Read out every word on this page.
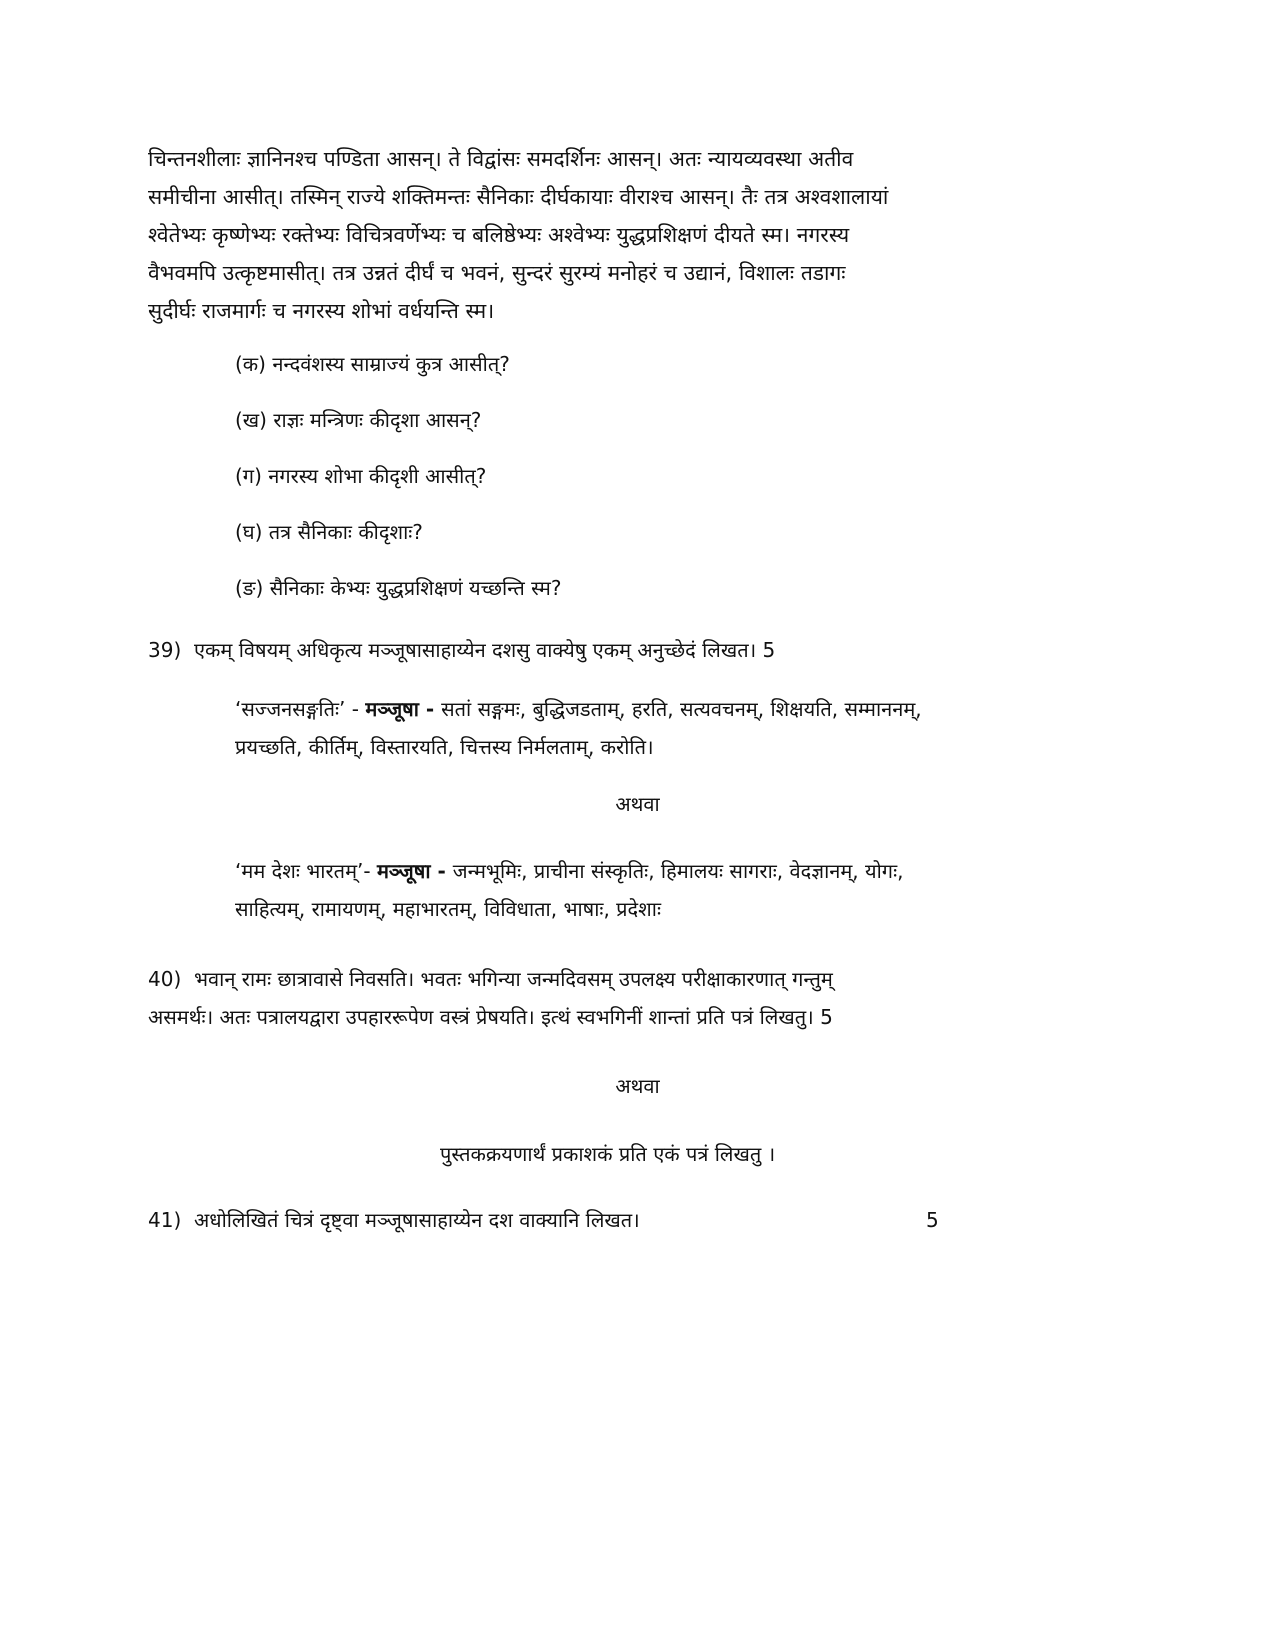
चिन्तनशीलाः ज्ञानिनश्च पण्डिता आसन्। ते विद्वांसः समदर्शिनः आसन्। अतः न्यायव्यवस्था अतीव
समीचीना आसीत्। तस्मिन् राज्ये शक्तिमन्तः सैनिकाः दीर्घकायाः वीराश्च आसन्। तैः तत्र अश्वशालायां
श्वेतेभ्यः कृष्णेभ्यः रक्तेभ्यः विचित्रवर्णेभ्यः च बलिष्ठेभ्यः अश्वेभ्यः युद्धप्रशिक्षणं दीयते स्म। नगरस्य
वैभवमपि उत्कृष्टमासीत्। तत्र उन्नतं दीर्घं च भवनं, सुन्दरं सुरम्यं मनोहरं च उद्यानं, विशालः तडागः
सुदीर्घः राजमार्गः च नगरस्य शोभां वर्धयन्ति स्म।
(क) नन्दवंशस्य साम्राज्यं कुत्र आसीत्?
(ख) राज्ञः मन्त्रिणः कीदृशा आसन्?
(ग) नगरस्य शोभा कीदृशी आसीत्?
(घ) तत्र सैनिकाः कीदृशाः?
(ङ) सैनिकाः केभ्यः युद्धप्रशिक्षणं यच्छन्ति स्म?
39) एकम् विषयम् अधिकृत्य मञ्जूषासाहाय्येन दशसु वाक्येषु एकम् अनुच्छेदं लिखत। 5
‘सज्जनसङ्गतिः’ - मञ्जूषा - सतां सङ्गमः, बुद्धिजडताम्, हरति, सत्यवचनम्, शिक्षयति, सम्माननम्,
प्रयच्छति, कीर्तिम्, विस्तारयति, चित्तस्य निर्मलताम्, करोति।
अथवा
‘मम देशः भारतम्’- मञ्जूषा - जन्मभूमिः, प्राचीना संस्कृतिः, हिमालयः सागराः, वेदज्ञानम्, योगः,
साहित्यम्, रामायणम्, महाभारतम्, विविधाता, भाषाः, प्रदेशाः
40) भवान् रामः छात्रावासे निवसति। भवतः भगिन्या जन्मदिवसम् उपलक्ष्य परीक्षाकारणात् गन्तुम्
असमर्थः। अतः पत्रालयद्वारा उपहाररूपेण वस्त्रं प्रेषयति। इत्थं स्वभगिनीं शान्तां प्रति पत्रं लिखतु। 5
अथवा
पुस्तकक्रयणार्थं प्रकाशकं प्रति एकं पत्रं लिखतु ।
41) अधोलिखितं चित्रं दृष्ट्वा मञ्जूषासाहाय्येन दश वाक्यानि लिखत।	5
